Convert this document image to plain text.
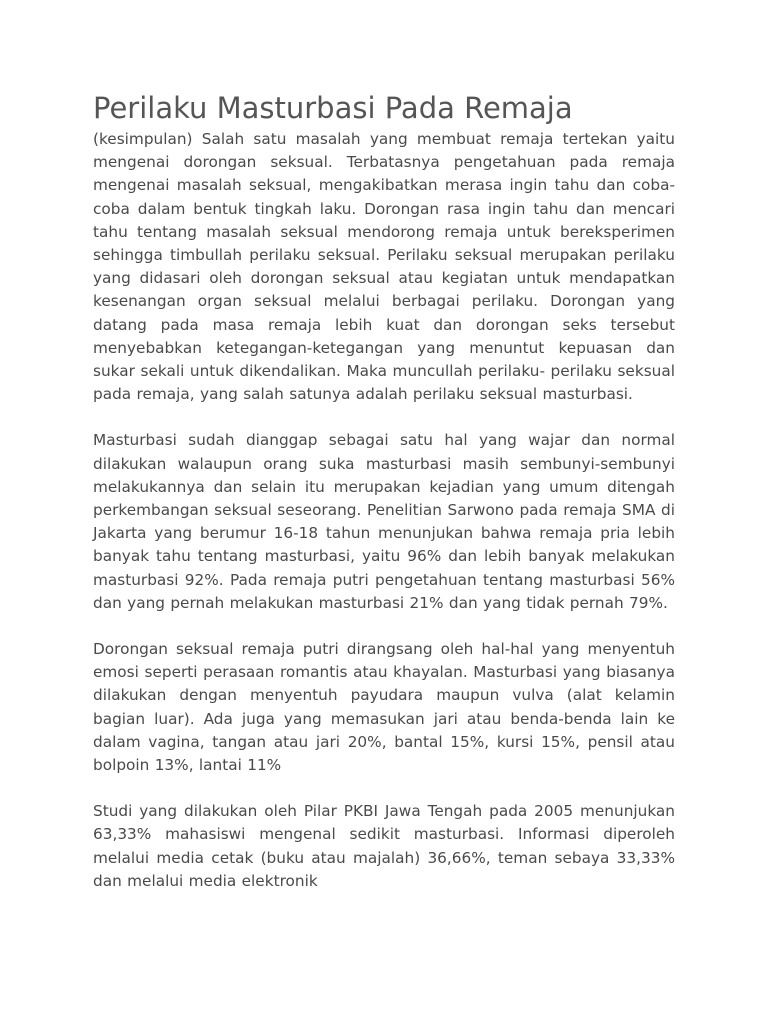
Perilaku Masturbasi Pada Remaja

(kesimpulan) Salah satu masalah yang membuat remaja tertekan yaitu mengenai dorongan seksual. Terbatasnya pengetahuan pada remaja mengenai masalah seksual, mengakibatkan merasa ingin tahu dan coba-coba dalam bentuk tingkah laku. Dorongan rasa ingin tahu dan mencari tahu tentang masalah seksual mendorong remaja untuk bereksperimen sehingga timbullah perilaku seksual. Perilaku seksual merupakan perilaku yang didasari oleh dorongan seksual atau kegiatan untuk mendapatkan kesenangan organ seksual melalui berbagai perilaku. Dorongan yang datang pada masa remaja lebih kuat dan dorongan seks tersebut menyebabkan ketegangan-ketegangan yang menuntut kepuasan dan sukar sekali untuk dikendalikan. Maka muncullah perilaku- perilaku seksual pada remaja, yang salah satunya adalah perilaku seksual masturbasi.

Masturbasi sudah dianggap sebagai satu hal yang wajar dan normal dilakukan walaupun orang suka masturbasi masih sembunyi-sembunyi melakukannya dan selain itu merupakan kejadian yang umum ditengah perkembangan seksual seseorang. Penelitian Sarwono pada remaja SMA di Jakarta yang berumur 16-18 tahun menunjukan bahwa remaja pria lebih banyak tahu tentang masturbasi, yaitu 96% dan lebih banyak melakukan masturbasi 92%. Pada remaja putri pengetahuan tentang masturbasi 56% dan yang pernah melakukan masturbasi 21% dan yang tidak pernah 79%.

Dorongan seksual remaja putri dirangsang oleh hal-hal yang menyentuh emosi seperti perasaan romantis atau khayalan. Masturbasi yang biasanya dilakukan dengan menyentuh payudara maupun vulva (alat kelamin bagian luar). Ada juga yang memasukan jari atau benda-benda lain ke dalam vagina, tangan atau jari 20%, bantal 15%, kursi 15%, pensil atau bolpoin 13%, lantai 11%

Studi yang dilakukan oleh Pilar PKBI Jawa Tengah pada 2005 menunjukan 63,33% mahasiswi mengenal sedikit masturbasi. Informasi diperoleh melalui media cetak (buku atau majalah) 36,66%, teman sebaya 33,33% dan melalui media elektronik
